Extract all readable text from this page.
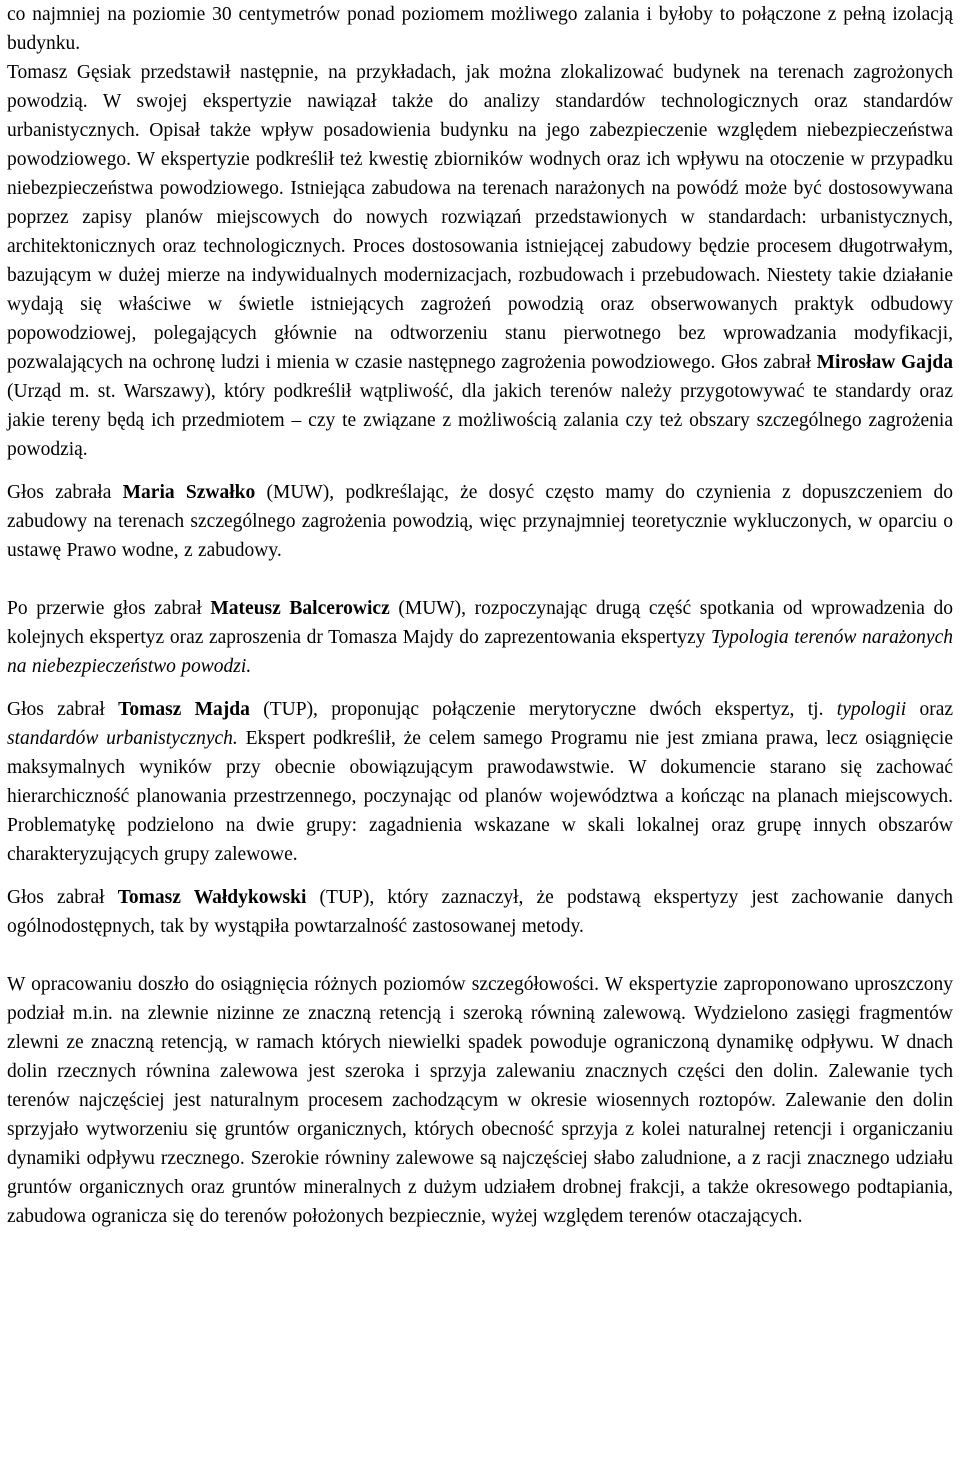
co najmniej na poziomie 30 centymetrów ponad poziomem możliwego zalania i byłoby to połączone z pełną izolacją budynku.

Tomasz Gęsiak przedstawił następnie, na przykładach, jak można zlokalizować budynek na terenach zagrożonych powodzią. W swojej ekspertyzie nawiązał także do analizy standardów technologicznych oraz standardów urbanistycznych. Opisał także wpływ posadowienia budynku na jego zabezpieczenie względem niebezpieczeństwa powodziowego. W ekspertyzie podkreślił też kwestię zbiorników wodnych oraz ich wpływu na otoczenie w przypadku niebezpieczeństwa powodziowego. Istniejąca zabudowa na terenach narażonych na powódź może być dostosowywana poprzez zapisy planów miejscowych do nowych rozwiązań przedstawionych w standardach: urbanistycznych, architektonicznych oraz technologicznych. Proces dostosowania istniejącej zabudowy będzie procesem długotrwałym, bazującym w dużej mierze na indywidualnych modernizacjach, rozbudowach i przebudowach. Niestety takie działanie wydają się właściwe w świetle istniejących zagrożeń powodzią oraz obserwowanych praktyk odbudowy popowodziowej, polegających głównie na odtworzeniu stanu pierwotnego bez wprowadzania modyfikacji, pozwalających na ochronę ludzi i mienia w czasie następnego zagrożenia powodziowego. Głos zabrał Mirosław Gajda (Urząd m. st. Warszawy), który podkreślił wątpliwość, dla jakich terenów należy przygotowywać te standardy oraz jakie tereny będą ich przedmiotem – czy te związane z możliwością zalania czy też obszary szczególnego zagrożenia powodzią.

Głos zabrała Maria Szwałko (MUW), podkreślając, że dosyć często mamy do czynienia z dopuszczeniem do zabudowy na terenach szczególnego zagrożenia powodzią, więc przynajmniej teoretycznie wykluczonych, w oparciu o ustawę Prawo wodne, z zabudowy.

Po przerwie głos zabrał Mateusz Balcerowicz (MUW), rozpoczynając drugą część spotkania od wprowadzenia do kolejnych ekspertyz oraz zaproszenia dr Tomasza Majdy do zaprezentowania ekspertyzy Typologia terenów narażonych na niebezpieczeństwo powodzi.

Głos zabrał Tomasz Majda (TUP), proponując połączenie merytoryczne dwóch ekspertyz, tj. typologii oraz standardów urbanistycznych. Ekspert podkreślił, że celem samego Programu nie jest zmiana prawa, lecz osiągnięcie maksymalnych wyników przy obecnie obowiązującym prawodawstwie. W dokumencie starano się zachować hierarchiczność planowania przestrzennego, poczynając od planów województwa a kończąc na planach miejscowych. Problematykę podzielono na dwie grupy: zagadnienia wskazane w skali lokalnej oraz grupę innych obszarów charakteryzujących grupy zalewowe.

Głos zabrał Tomasz Wałdykowski (TUP), który zaznaczył, że podstawą ekspertyzy jest zachowanie danych ogólnodostępnych, tak by wystąpiła powtarzalność zastosowanej metody.

W opracowaniu doszło do osiągnięcia różnych poziomów szczegółowości. W ekspertyzie zaproponowano uproszczony podział m.in. na zlewnie nizinne ze znaczną retencją i szeroką równiną zalewową. Wydzielono zasięgi fragmentów zlewni ze znaczną retencją, w ramach których niewielki spadek powoduje ograniczoną dynamikę odpływu. W dnach dolin rzecznych równina zalewowa jest szeroka i sprzyja zalewaniu znacznych części den dolin. Zalewanie tych terenów najczęściej jest naturalnym procesem zachodzącym w okresie wiosennych roztopów. Zalewanie den dolin sprzyjało wytworzeniu się gruntów organicznych, których obecność sprzyja z kolei naturalnej retencji i organiczaniu dynamiki odpływu rzecznego. Szerokie równiny zalewowe są najczęściej słabo zaludnione, a z racji znacznego udziału gruntów organicznych oraz gruntów mineralnych z dużym udziałem drobnej frakcji, a także okresowego podtapiania, zabudowa ogranicza się do terenów położonych bezpiecznie, wyżej względem terenów otaczających.
